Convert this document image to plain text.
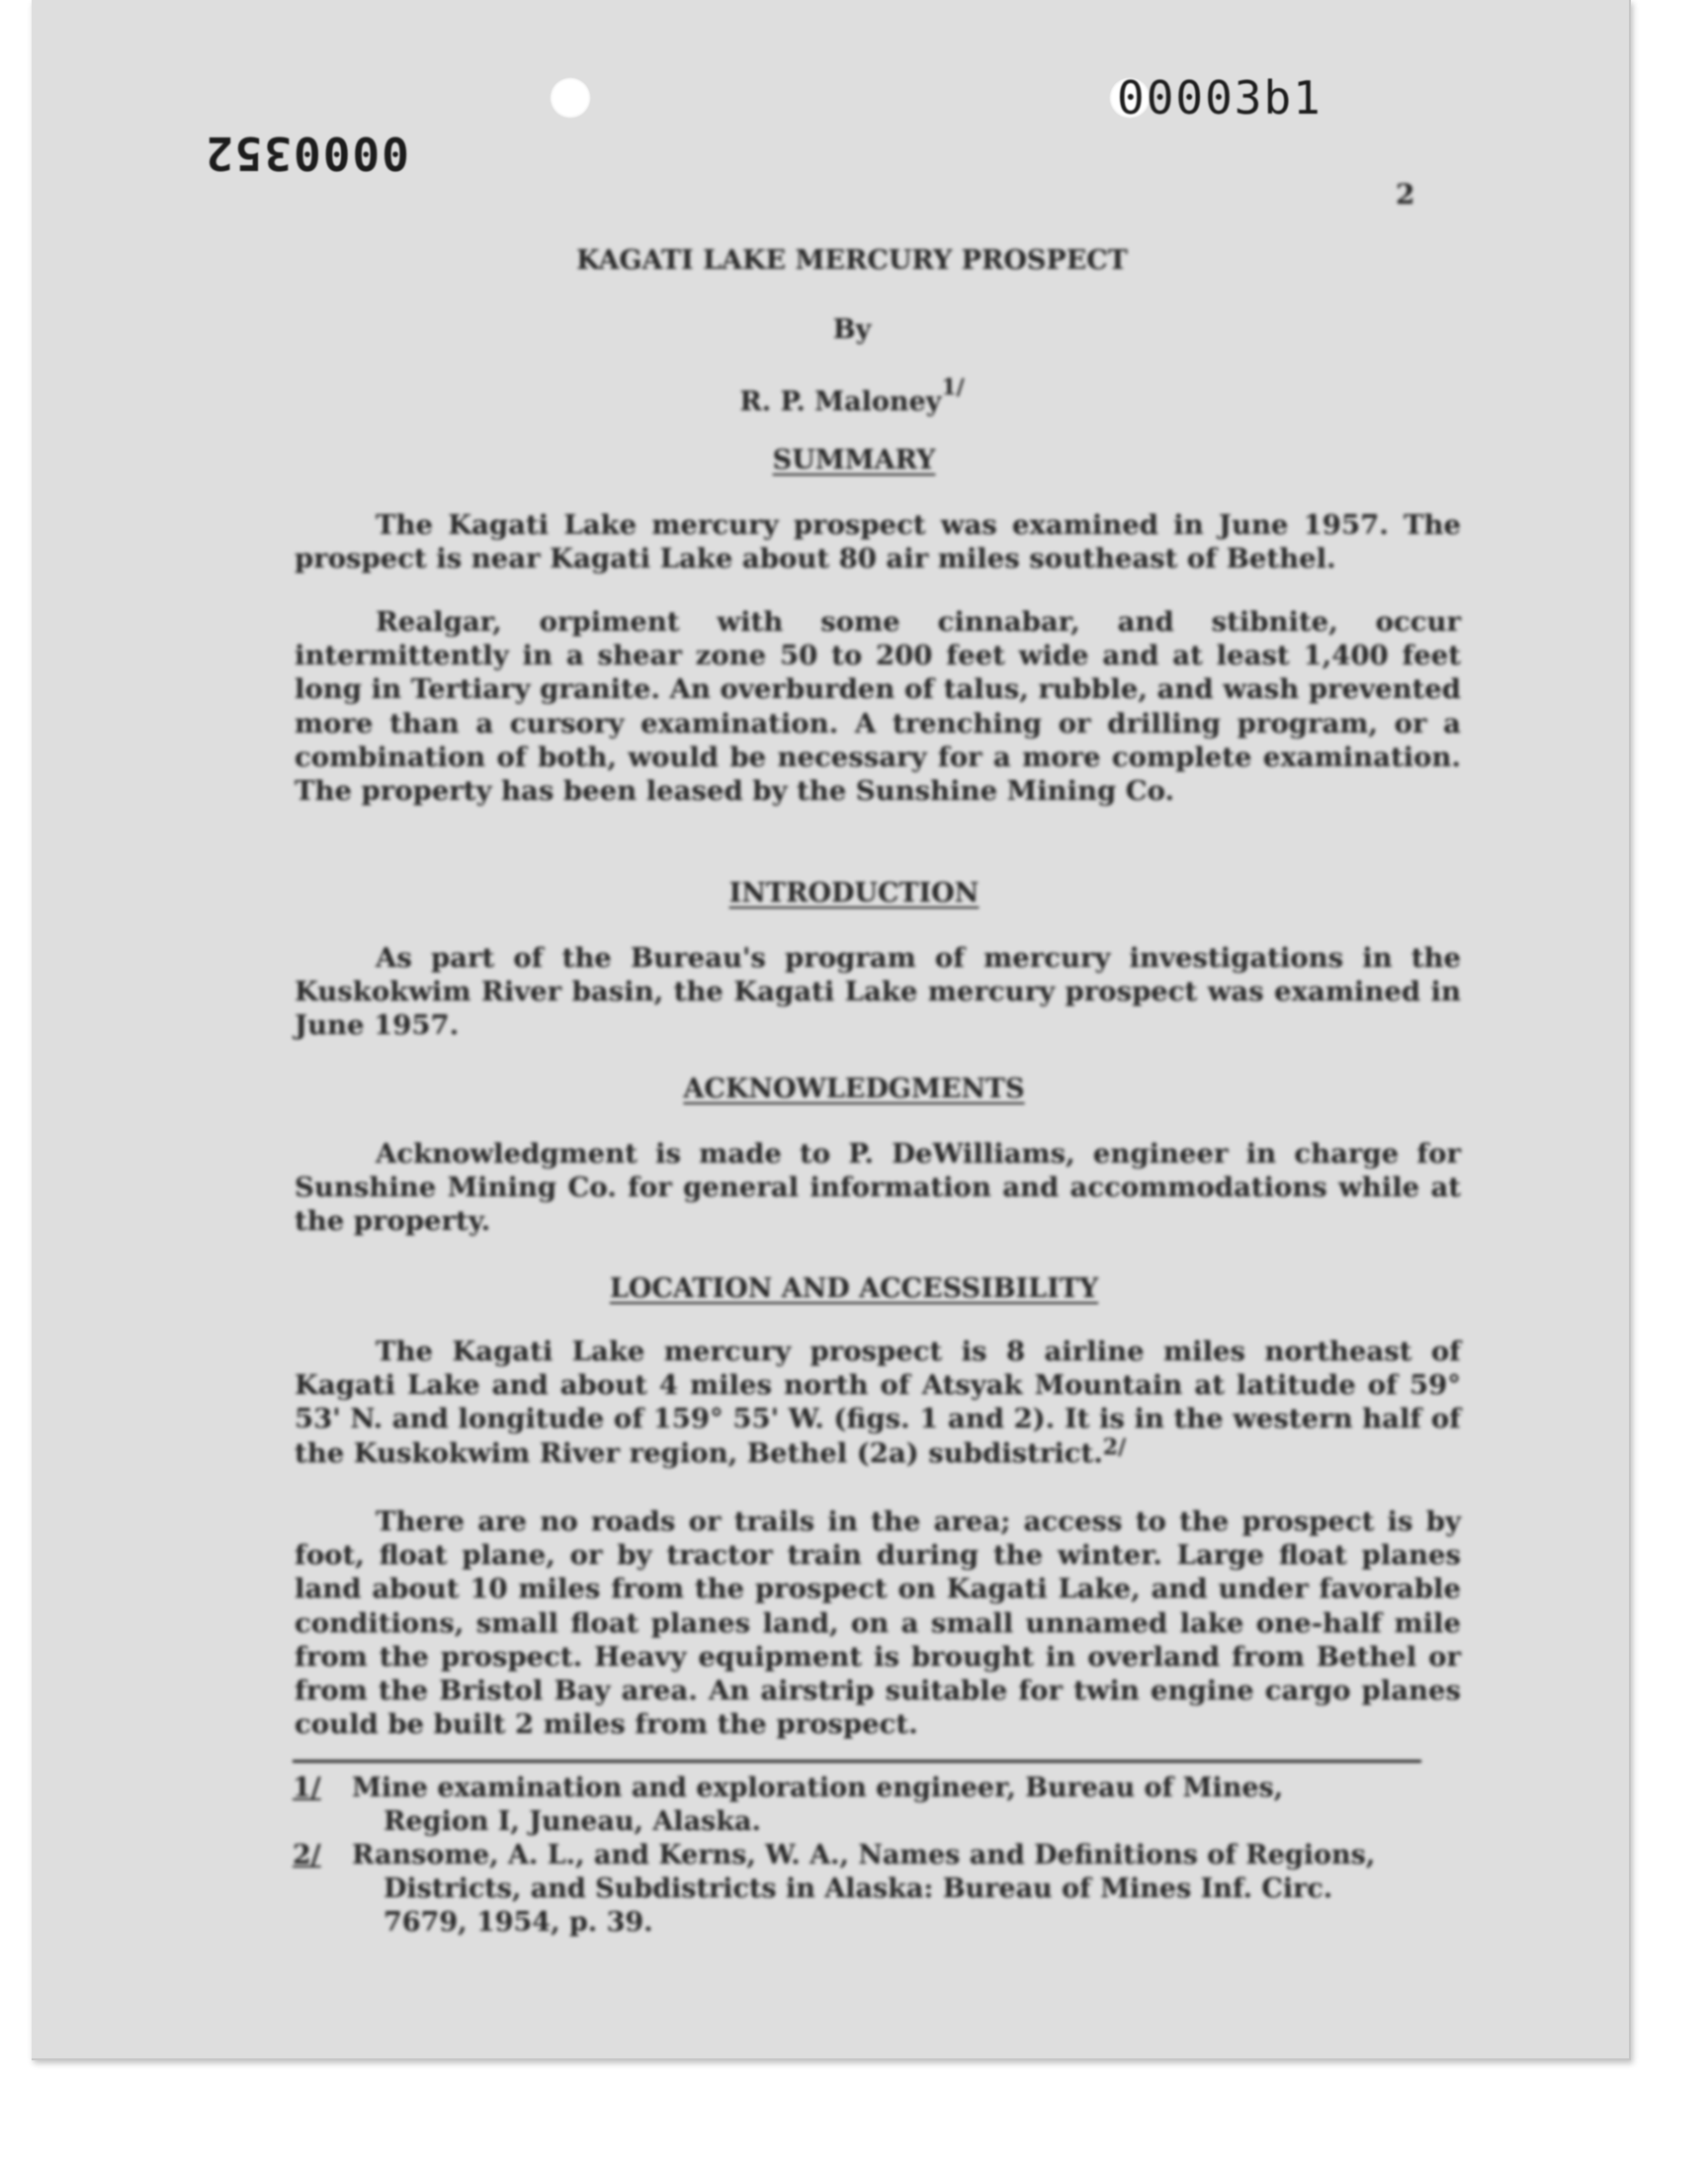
0000352
00003b1
2
KAGATI LAKE MERCURY PROSPECT
By
R. P. Maloney$^{1/}$
SUMMARY
The Kagati Lake mercury prospect was examined in June 1957. The prospect is near Kagati Lake about 80 air miles southeast of Bethel.
Realgar, orpiment with some cinnabar, and stibnite, occur intermittently in a shear zone 50 to 200 feet wide and at least 1,400 feet long in Tertiary granite. An overburden of talus, rubble, and wash prevented more than a cursory examination. A trenching or drilling program, or a combination of both, would be necessary for a more complete examination. The property has been leased by the Sunshine Mining Co.
INTRODUCTION
As part of the Bureau's program of mercury investigations in the Kuskokwim River basin, the Kagati Lake mercury prospect was examined in June 1957.
ACKNOWLEDGMENTS
Acknowledgment is made to P. DeWilliams, engineer in charge for Sunshine Mining Co. for general information and accommodations while at the property.
LOCATION AND ACCESSIBILITY
The Kagati Lake mercury prospect is 8 airline miles northeast of Kagati Lake and about 4 miles north of Atsyak Mountain at latitude of 59° 53' N. and longitude of 159° 55' W. (figs. 1 and 2). It is in the western half of the Kuskokwim River region, Bethel (2a) subdistrict.$^{2/}$
There are no roads or trails in the area; access to the prospect is by foot, float plane, or by tractor train during the winter. Large float planes land about 10 miles from the prospect on Kagati Lake, and under favorable conditions, small float planes land, on a small unnamed lake one-half mile from the prospect. Heavy equipment is brought in overland from Bethel or from the Bristol Bay area. An airstrip suitable for twin engine cargo planes could be built 2 miles from the prospect.
1/	Mine examination and exploration engineer, Bureau of Mines,
Region I, Juneau, Alaska.
2/	Ransome, A. L., and Kerns, W. A., Names and Definitions of Regions,
Districts, and Subdistricts in Alaska: Bureau of Mines Inf. Circ.
7679, 1954, p. 39.
